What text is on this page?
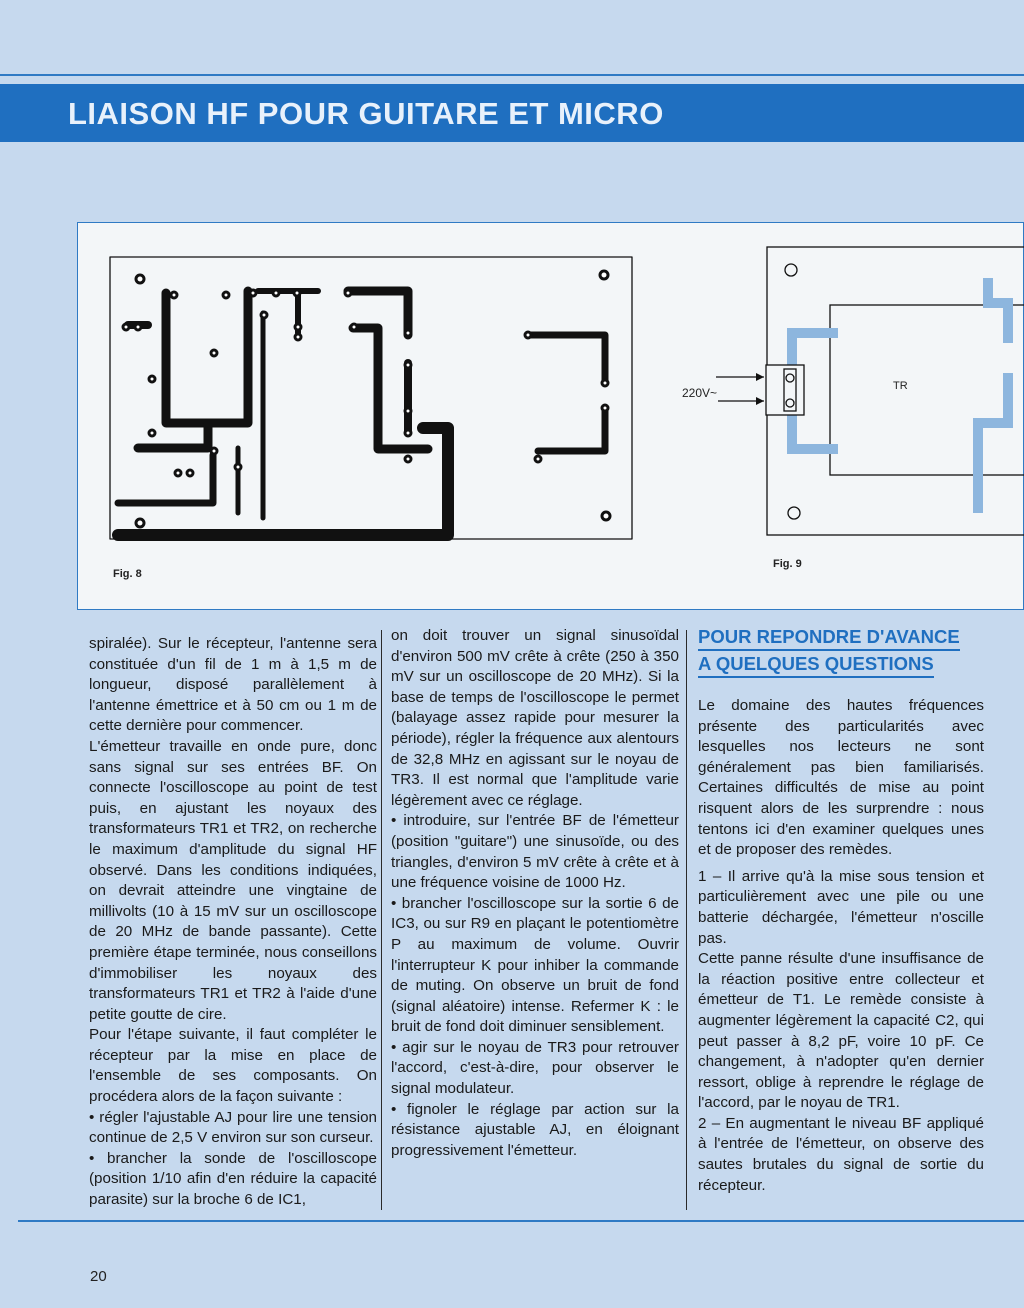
LIAISON HF POUR GUITARE ET MICRO
Fig. 8
Fig. 9
220V~	TR

spiralée). Sur le récepteur, l'antenne sera constituée d'un fil de 1 m à 1,5 m de longueur, disposé parallèlement à l'antenne émettrice et à 50 cm ou 1 m de cette dernière pour commencer.

L'émetteur travaille en onde pure, donc sans signal sur ses entrées BF. On connecte l'oscilloscope au point de test puis, en ajustant les noyaux des transformateurs TR1 et TR2, on recherche le maximum d'amplitude du signal HF observé. Dans les conditions indiquées, on devrait atteindre une vingtaine de millivolts (10 à 15 mV sur un oscilloscope de 20 MHz de bande passante). Cette première étape terminée, nous conseillons d'immobiliser les noyaux des transformateurs TR1 et TR2 à l'aide d'une petite goutte de cire.

Pour l'étape suivante, il faut compléter le récepteur par la mise en place de l'ensemble de ses composants. On procédera alors de la façon suivante :

• régler l'ajustable AJ pour lire une tension continue de 2,5 V environ sur son curseur.

• brancher la sonde de l'oscilloscope (position 1/10 afin d'en réduire la capacité parasite) sur la broche 6 de IC1,

on doit trouver un signal sinusoïdal d'environ 500 mV crête à crête (250 à 350 mV sur un oscilloscope de 20 MHz). Si la base de temps de l'oscilloscope le permet (balayage assez rapide pour mesurer la période), régler la fréquence aux alentours de 32,8 MHz en agissant sur le noyau de TR3. Il est normal que l'amplitude varie légèrement avec ce réglage.

• introduire, sur l'entrée BF de l'émetteur (position "guitare") une sinusoïde, ou des triangles, d'environ 5 mV crête à crête et à une fréquence voisine de 1000 Hz.

• brancher l'oscilloscope sur la sortie 6 de IC3, ou sur R9 en plaçant le potentiomètre P au maximum de volume. Ouvrir l'interrupteur K pour inhiber la commande de muting. On observe un bruit de fond (signal aléatoire) intense. Refermer K : le bruit de fond doit diminuer sensiblement.

• agir sur le noyau de TR3 pour retrouver l'accord, c'est-à-dire, pour observer le signal modulateur.

• fignoler le réglage par action sur la résistance ajustable AJ, en éloignant progressivement l'émetteur.

POUR REPONDRE D'AVANCE
A QUELQUES QUESTIONS

Le domaine des hautes fréquences présente des particularités avec lesquelles nos lecteurs ne sont généralement pas bien familiarisés. Certaines difficultés de mise au point risquent alors de les surprendre : nous tentons ici d'en examiner quelques unes et de proposer des remèdes.

1 – Il arrive qu'à la mise sous tension et particulièrement avec une pile ou une batterie déchargée, l'émetteur n'oscille pas.

Cette panne résulte d'une insuffisance de la réaction positive entre collecteur et émetteur de T1. Le remède consiste à augmenter légèrement la capacité C2, qui peut passer à 8,2 pF, voire 10 pF. Ce changement, à n'adopter qu'en dernier ressort, oblige à reprendre le réglage de l'accord, par le noyau de TR1.

2 – En augmentant le niveau BF appliqué à l'entrée de l'émetteur, on observe des sautes brutales du signal de sortie du récepteur.

20
